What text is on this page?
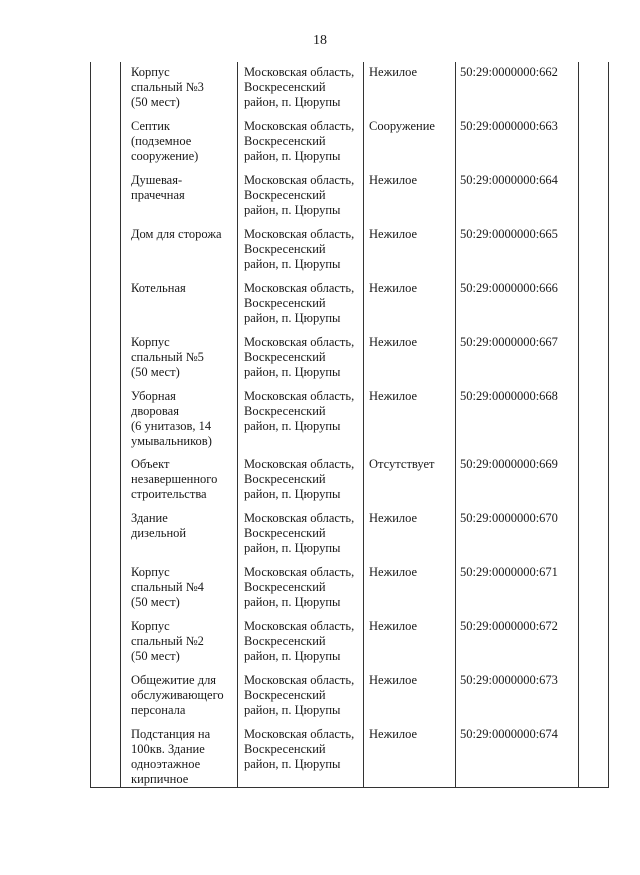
18

	Корпус
спальный №3
(50 мест)	Московская область,
Воскресенский
район, п. Цюрупы	Нежилое	50:29:0000000:662	

	Септик
(подземное
сооружение)	Московская область,
Воскресенский
район, п. Цюрупы	Сооружение	50:29:0000000:663	

	Душевая-
прачечная	Московская область,
Воскресенский
район, п. Цюрупы	Нежилое	50:29:0000000:664	

	Дом для сторожа	Московская область,
Воскресенский
район, п. Цюрупы	Нежилое	50:29:0000000:665	

	Котельная	Московская область,
Воскресенский
район, п. Цюрупы	Нежилое	50:29:0000000:666	

	Корпус
спальный №5
(50 мест)	Московская область,
Воскресенский
район, п. Цюрупы	Нежилое	50:29:0000000:667	

	Уборная
дворовая
(6 унитазов, 14
умывальников)	Московская область,
Воскресенский
район, п. Цюрупы	Нежилое	50:29:0000000:668	

	Объект
незавершенного
строительства	Московская область,
Воскресенский
район, п. Цюрупы	Отсутствует	50:29:0000000:669	

	Здание
дизельной	Московская область,
Воскресенский
район, п. Цюрупы	Нежилое	50:29:0000000:670	

	Корпус
спальный №4
(50 мест)	Московская область,
Воскресенский
район, п. Цюрупы	Нежилое	50:29:0000000:671	

	Корпус
спальный №2
(50 мест)	Московская область,
Воскресенский
район, п. Цюрупы	Нежилое	50:29:0000000:672	

	Общежитие для
обслуживающего
персонала	Московская область,
Воскресенский
район, п. Цюрупы	Нежилое	50:29:0000000:673	

	Подстанция на
100кв. Здание
одноэтажное
кирпичное	Московская область,
Воскресенский
район, п. Цюрупы	Нежилое	50:29:0000000:674	
